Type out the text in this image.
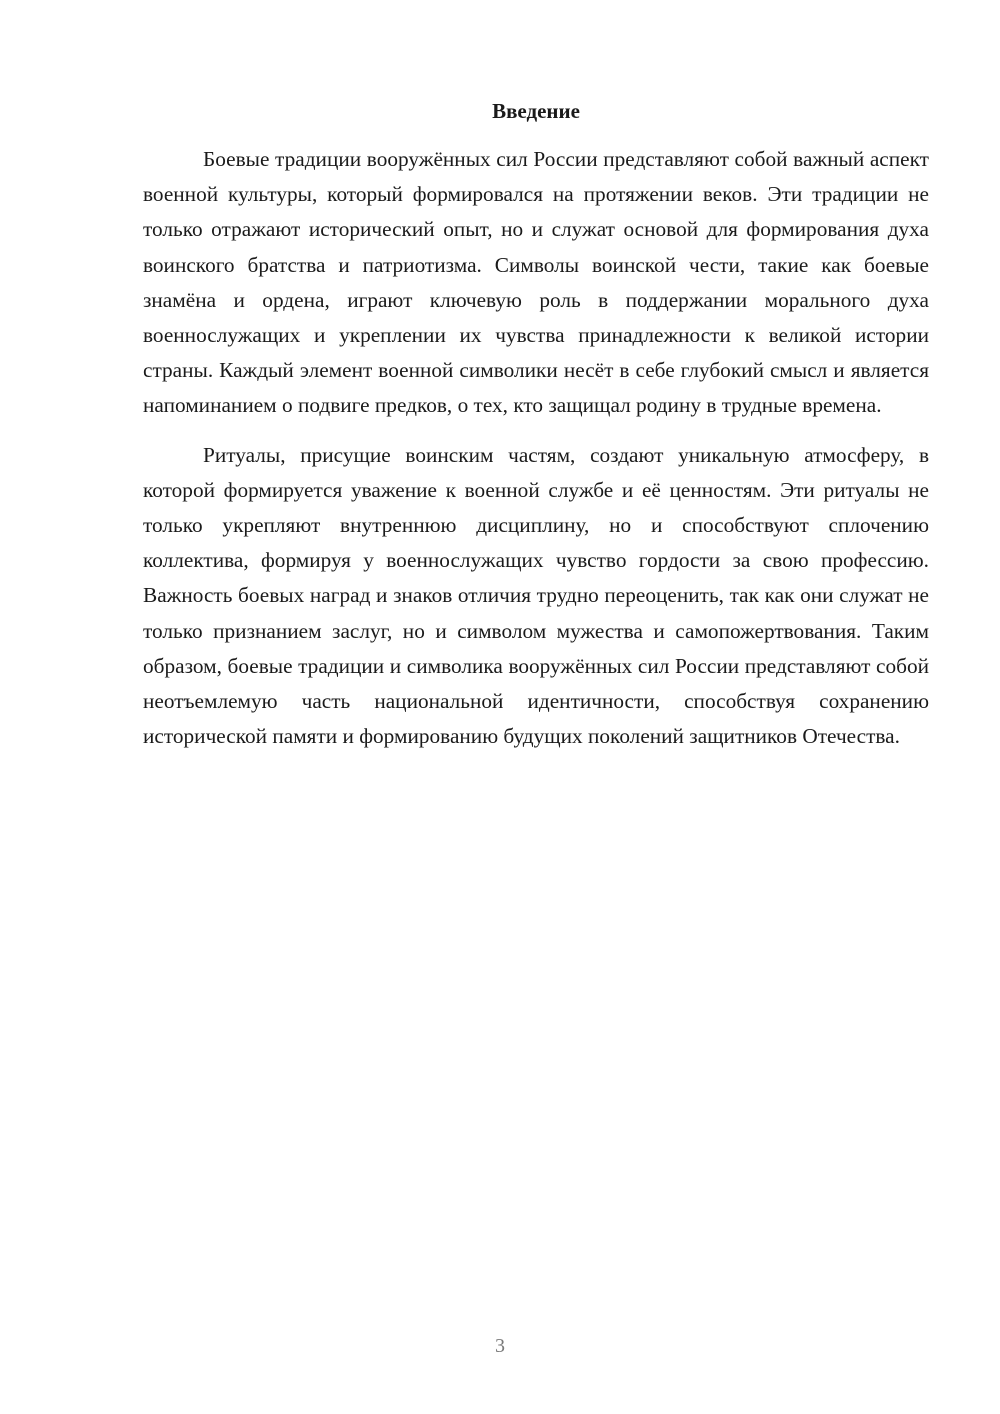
Введение

Боевые традиции вооружённых сил России представляют собой важный аспект военной культуры, который формировался на протяжении веков. Эти традиции не только отражают исторический опыт, но и служат основой для формирования духа воинского братства и патриотизма. Символы воинской чести, такие как боевые знамёна и ордена, играют ключевую роль в поддержании морального духа военнослужащих и укреплении их чувства принадлежности к великой истории страны. Каждый элемент военной символики несёт в себе глубокий смысл и является напоминанием о подвиге предков, о тех, кто защищал родину в трудные времена.

Ритуалы, присущие воинским частям, создают уникальную атмосферу, в которой формируется уважение к военной службе и её ценностям. Эти ритуалы не только укрепляют внутреннюю дисциплину, но и способствуют сплочению коллектива, формируя у военнослужащих чувство гордости за свою профессию. Важность боевых наград и знаков отличия трудно переоценить, так как они служат не только признанием заслуг, но и символом мужества и самопожертвования. Таким образом, боевые традиции и символика вооружённых сил России представляют собой неотъемлемую часть национальной идентичности, способствуя сохранению исторической памяти и формированию будущих поколений защитников Отечества.

3
